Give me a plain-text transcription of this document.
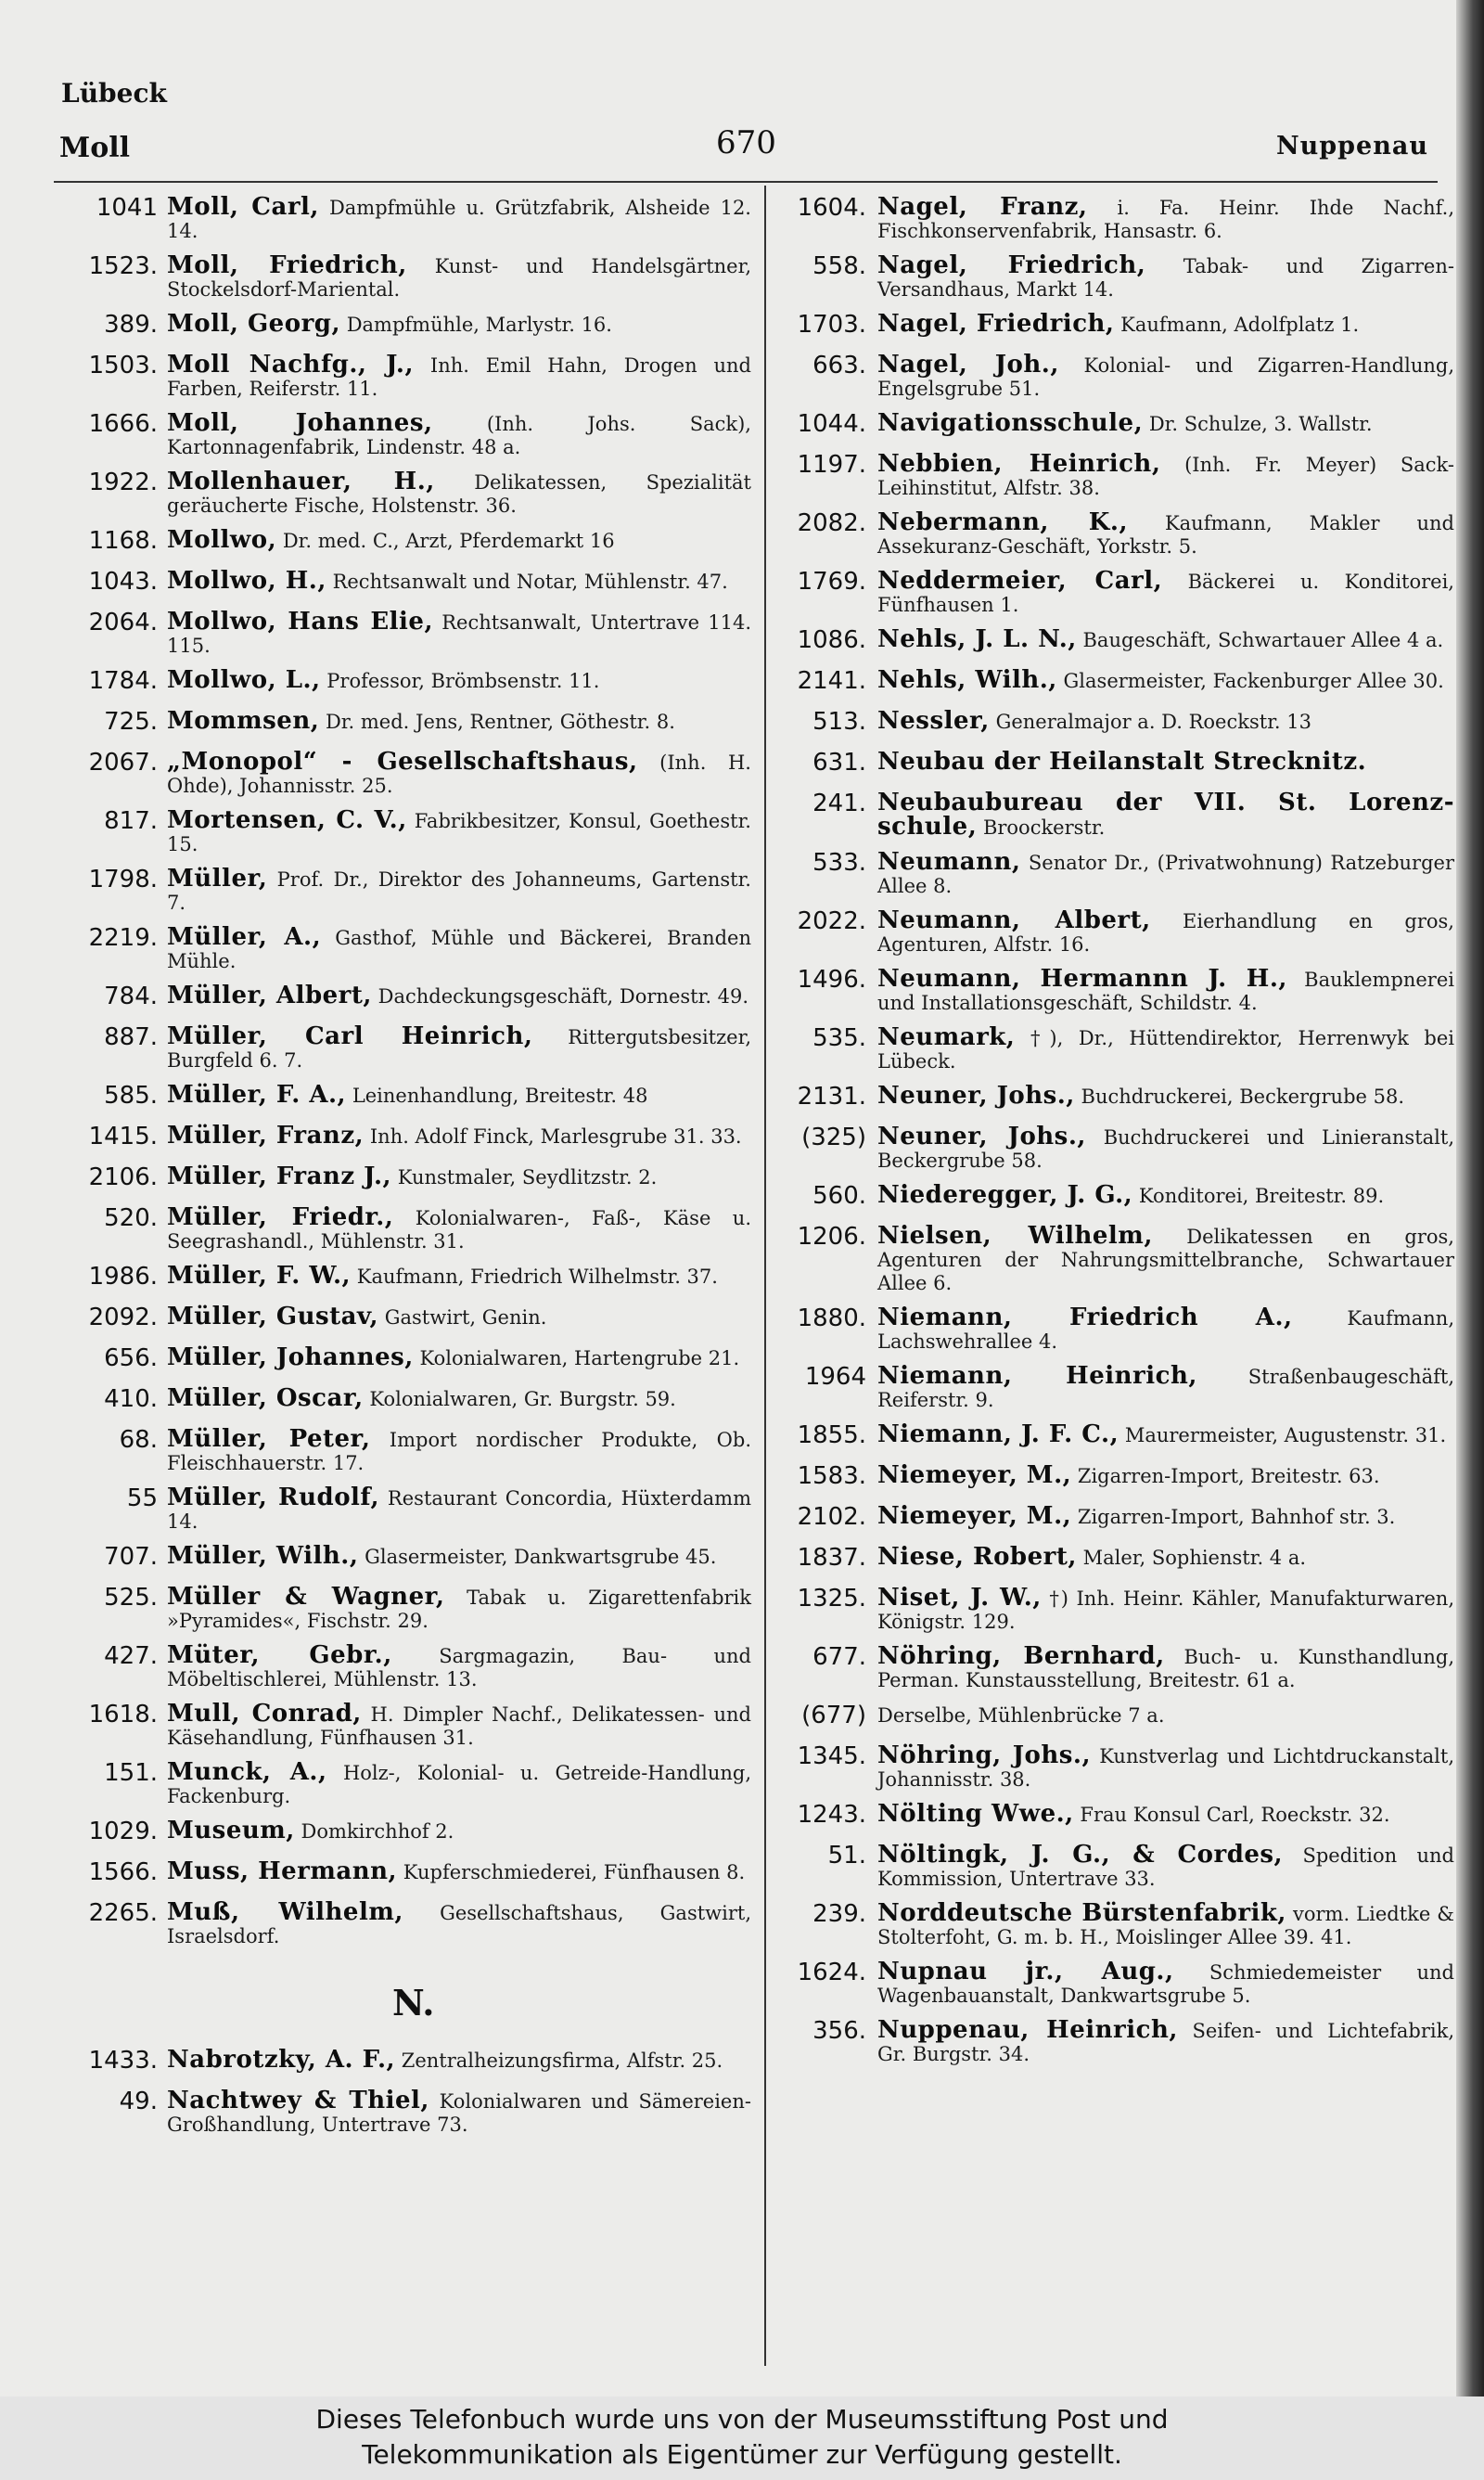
Lübeck
Moll	670	Nuppenau
1041 Moll, Carl, Dampfmühle u. Grützfabrik, Alsheide 12. 14.
1523. Moll, Friedrich, Kunst- und Handelsgärtner, Stockelsdorf-Mariental.
389. Moll, Georg, Dampfmühle, Marlystr. 16.
1503. Moll Nachfg., J., Inh. Emil Hahn, Drogen und Farben, Reiferstr. 11.
1666. Moll, Johannes,	(Inh. Johs. Sack), Kartonnagenfabrik, Lindenstr. 48 a.
1922. Mollenhauer, H., Delikatessen, Spezialität geräucherte Fische, Holstenstr. 36.
1168. Mollwo, Dr. med. C., Arzt, Pferdemarkt 16
1043. Mollwo, H., Rechtsanwalt und Notar, Mühlenstr. 47.
2064. Mollwo, Hans Elie, Rechtsanwalt, Untertrave 114. 115.
1784. Mollwo, L., Professor, Brömbsenstr. 11.
725. Mommsen, Dr. med. Jens, Rentner, Göthestr. 8.
2067. „Monopol“ - Gesellschaftshaus, (Inh. H. Ohde), Johannisstr. 25.
817. Mortensen, C. V., Fabrikbesitzer, Konsul, Goethestr. 15.
1798. Müller, Prof. Dr., Direktor des Johanneums, Gartenstr. 7.
2219. Müller, A., Gasthof, Mühle und Bäckerei, Branden Mühle.
784. Müller, Albert, Dachdeckungsgeschäft, Dornestr. 49.
887. Müller, Carl Heinrich, Rittergutsbesitzer, Burgfeld 6. 7.
585. Müller, F. A., Leinenhandlung, Breitestr. 48
1415. Müller, Franz, Inh. Adolf Finck, Marlesgrube 31. 33.
2106. Müller, Franz J., Kunstmaler, Seydlitzstr. 2.
520. Müller, Friedr., Kolonialwaren-, Faß-, Käse u. Seegrashandl., Mühlenstr. 31.
1986. Müller, F. W., Kaufmann, Friedrich Wilhelmstr. 37.
2092. Müller, Gustav, Gastwirt, Genin.
656. Müller, Johannes, Kolonialwaren, Hartengrube 21.
410. Müller, Oscar, Kolonialwaren, Gr. Burgstr. 59.
68. Müller, Peter, Import nordischer Produkte, Ob. Fleischhauerstr. 17.
55 Müller, Rudolf, Restaurant Concordia, Hüxterdamm 14.
707. Müller, Wilh., Glasermeister, Dankwartsgrube 45.
525. Müller & Wagner, Tabak u. Zigarettenfabrik »Pyramides«, Fischstr. 29.
427. Müter, Gebr., Sargmagazin, Bau- und Möbeltischlerei, Mühlenstr. 13.
1618. Mull, Conrad, H. Dimpler Nachf., Delikatessen- und Käsehandlung, Fünfhausen 31.
151. Munck, A., Holz-, Kolonial- u. Getreide-Handlung, Fackenburg.
1029. Museum, Domkirchhof 2.
1566. Muss, Hermann, Kupferschmiederei, Fünfhausen 8.
2265. Muß, Wilhelm, Gesellschaftshaus, Gastwirt, Israelsdorf.
N.
1433. Nabrotzky, A. F., Zentralheizungsfirma, Alfstr. 25.
49. Nachtwey & Thiel, Kolonialwaren und Sämereien-Großhandlung, Untertrave 73.
1604. Nagel, Franz, i. Fa. Heinr. Ihde Nachf., Fischkonservenfabrik, Hansastr. 6.
558. Nagel, Friedrich, Tabak- und Zigarren-Versandhaus, Markt 14.
1703. Nagel, Friedrich, Kaufmann, Adolfplatz 1.
663. Nagel, Joh., Kolonial- und Zigarren-Handlung, Engelsgrube 51.
1044. Navigationsschule, Dr. Schulze, 3. Wallstr.
1197. Nebbien, Heinrich, (Inh. Fr. Meyer) Sack-Leihinstitut, Alfstr. 38.
2082. Nebermann, K., Kaufmann, Makler und Assekuranz-Geschäft, Yorkstr. 5.
1769. Neddermeier, Carl, Bäckerei u. Konditorei, Fünfhausen 1.
1086. Nehls, J. L. N., Baugeschäft, Schwartauer Allee 4 a.
2141. Nehls, Wilh., Glasermeister, Fackenburger Allee 30.
513. Nessler, Generalmajor a. D. Roeckstr. 13
631. Neubau der Heilanstalt Strecknitz.
241. Neubaubureau der VII. St. Lorenz-schule, Broockerstr.
533. Neumann, Senator Dr., (Privatwohnung) Ratzeburger Allee 8.
2022. Neumann, Albert, Eierhandlung en gros, Agenturen, Alfstr. 16.
1496. Neumann, Hermannn J. H., Bauklempnerei und Installationsgeschäft, Schildstr. 4.
535. Neumark, †), Dr., Hüttendirektor, Herrenwyk bei Lübeck.
2131. Neuner, Johs., Buchdruckerei, Beckergrube 58.
(325) Neuner, Johs., Buchdruckerei und Linieranstalt, Beckergrube 58.
560. Niederegger, J. G., Konditorei, Breitestr. 89.
1206. Nielsen, Wilhelm, Delikatessen en gros, Agenturen der Nahrungsmittelbranche, Schwartauer Allee 6.
1880. Niemann, Friedrich A.,	Kaufmann, Lachswehrallee 4.
1964 Niemann, Heinrich,	Straßenbaugeschäft, Reiferstr. 9.
1855. Niemann, J. F. C., Maurermeister, Augustenstr. 31.
1583. Niemeyer, M., Zigarren-Import, Breitestr. 63.
2102. Niemeyer, M., Zigarren-Import, Bahnhof str. 3.
1837. Niese, Robert, Maler, Sophienstr. 4 a.
1325. Niset, J. W., †) Inh. Heinr. Kähler, Manufakturwaren, Königstr. 129.
677. Nöhring, Bernhard, Buch- u. Kunsthandlung, Perman. Kunstausstellung, Breitestr. 61 a.
(677) Derselbe, Mühlenbrücke 7 a.
1345. Nöhring, Johs., Kunstverlag und Lichtdruckanstalt, Johannisstr. 38.
1243. Nölting Wwe., Frau Konsul Carl, Roeckstr. 32.
51. Nöltingk, J. G., & Cordes, Spedition und Kommission, Untertrave 33.
239. Norddeutsche Bürstenfabrik, vorm. Liedtke & Stolterfoht, G. m. b. H., Moislinger Allee 39. 41.
1624. Nupnau jr., Aug., Schmiedemeister und Wagenbauanstalt, Dankwartsgrube 5.
356. Nuppenau, Heinrich, Seifen- und Lichtefabrik, Gr. Burgstr. 34.
Dieses Telefonbuch wurde uns von der Museumsstiftung Post und
Telekommunikation als Eigentümer zur Verfügung gestellt.
